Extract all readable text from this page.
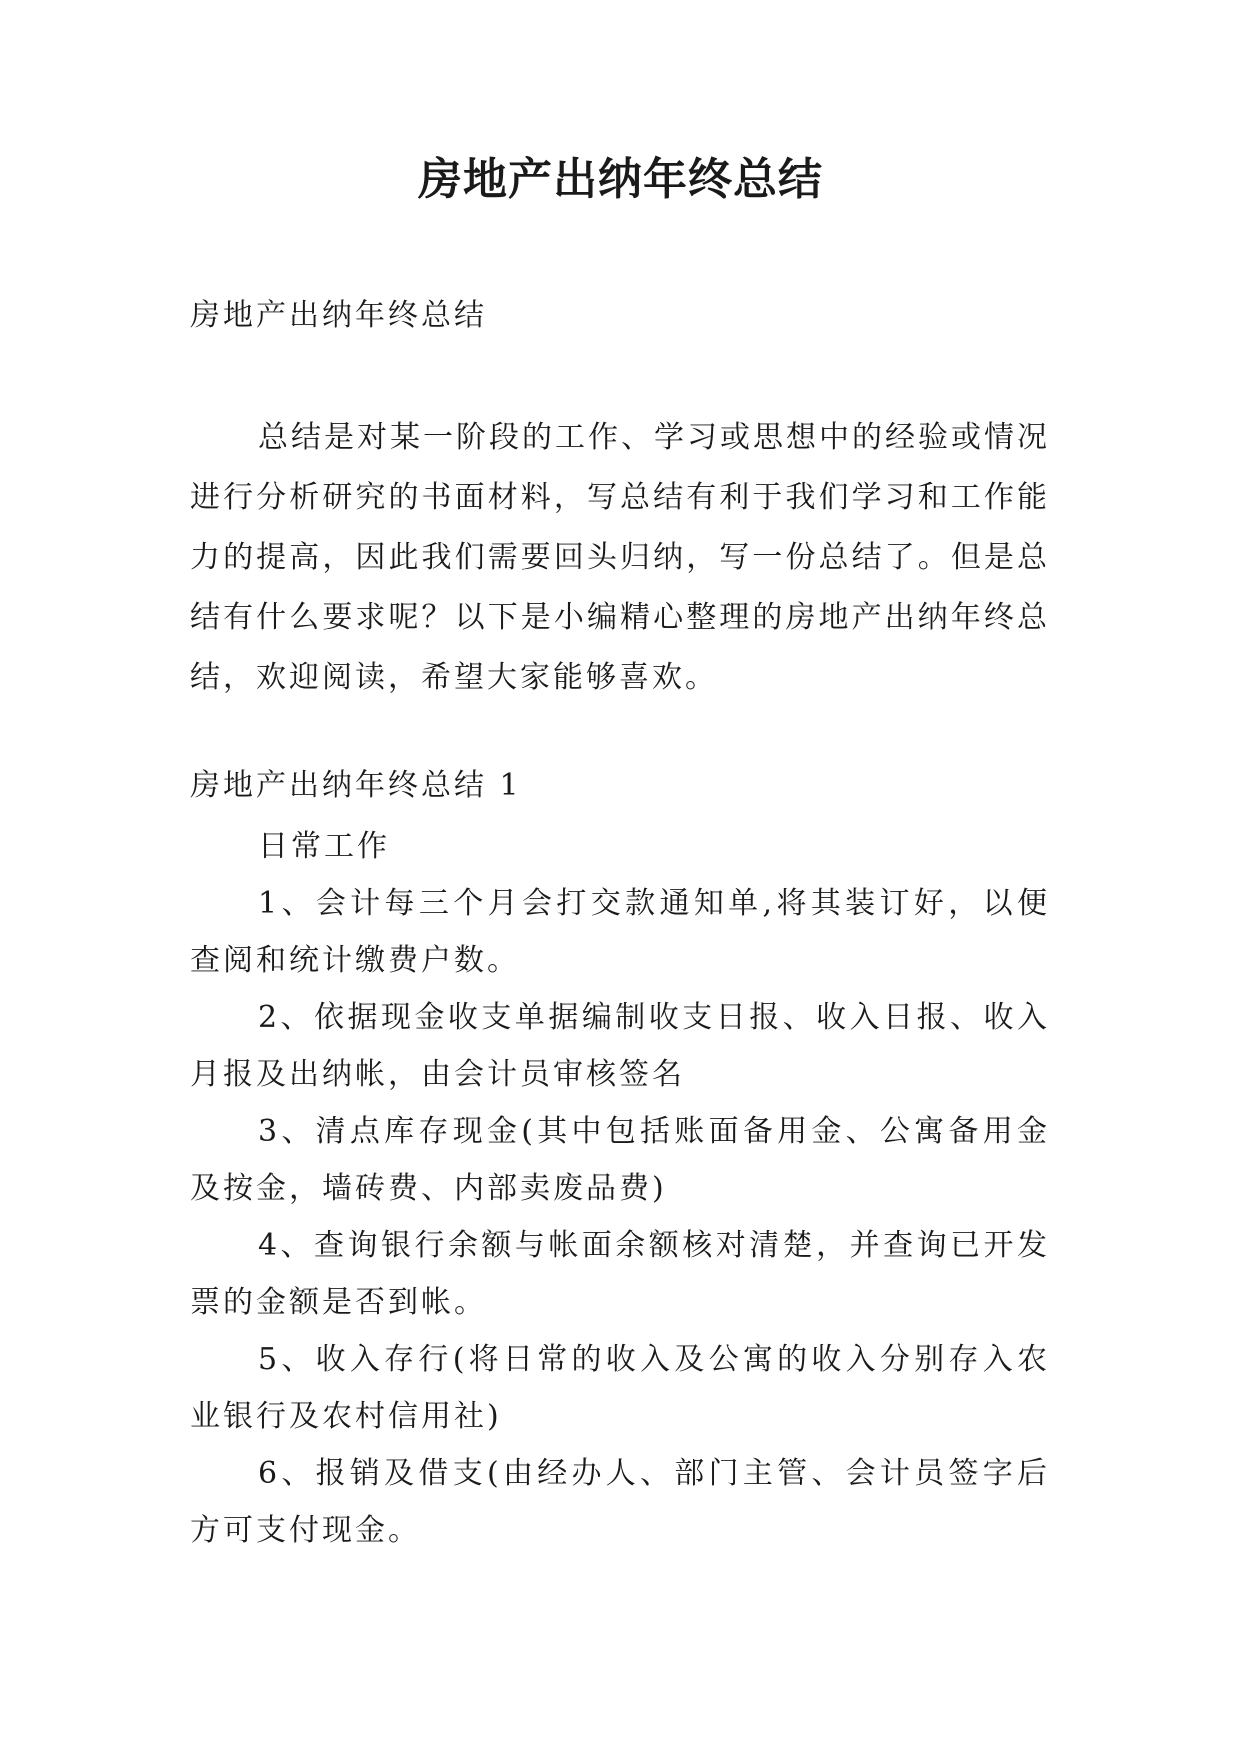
房地产出纳年终总结

房地产出纳年终总结

总结是对某一阶段的工作、学习或思想中的经验或情况进行分析研究的书面材料，写总结有利于我们学习和工作能力的提高，因此我们需要回头归纳，写一份总结了。但是总结有什么要求呢？以下是小编精心整理的房地产出纳年终总结，欢迎阅读，希望大家能够喜欢。

房地产出纳年终总结 1

日常工作

1、会计每三个月会打交款通知单,将其装订好，以便查阅和统计缴费户数。

2、依据现金收支单据编制收支日报、收入日报、收入月报及出纳帐，由会计员审核签名

3、清点库存现金(其中包括账面备用金、公寓备用金及按金，墙砖费、内部卖废品费)

4、查询银行余额与帐面余额核对清楚，并查询已开发票的金额是否到帐。

5、收入存行(将日常的收入及公寓的收入分别存入农业银行及农村信用社)

6、报销及借支(由经办人、部门主管、会计员签字后方可支付现金。
